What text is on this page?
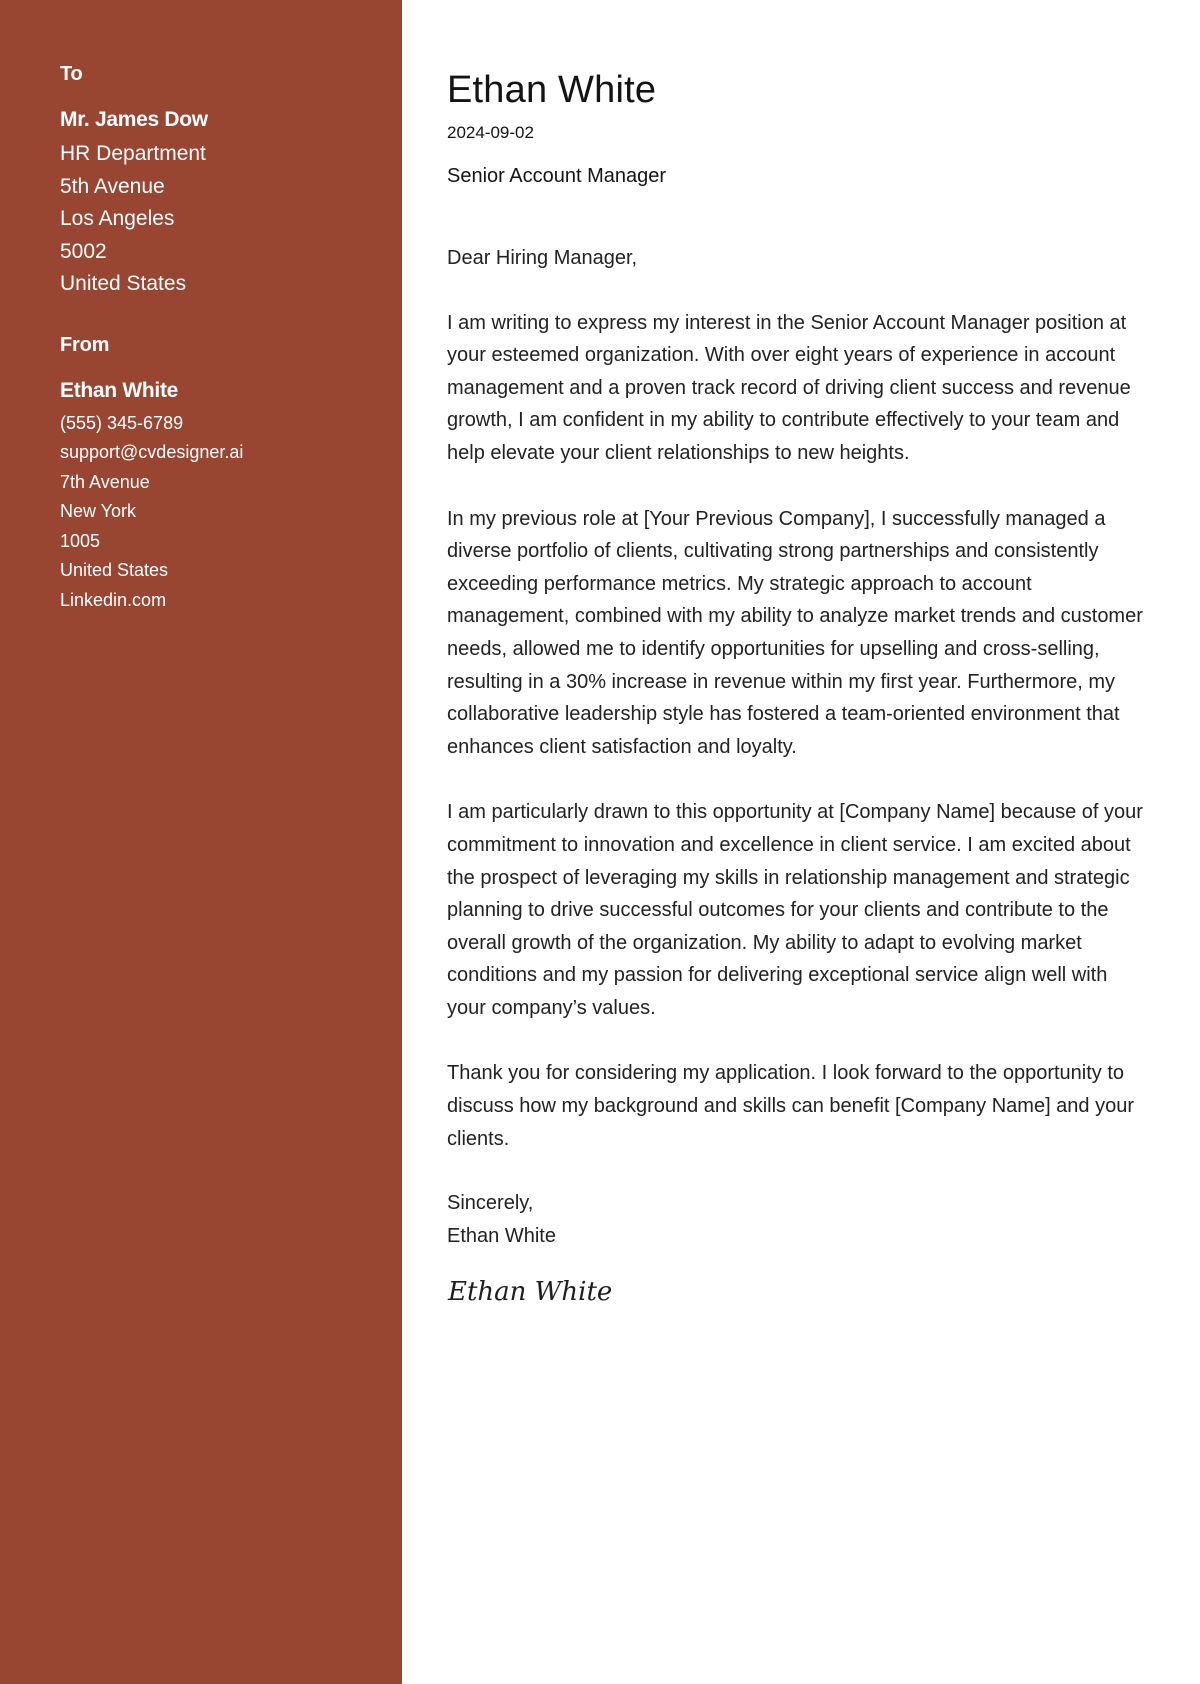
To
Mr. James Dow
HR Department
5th Avenue
Los Angeles
5002
United States
From
Ethan White
(555) 345-6789
support@cvdesigner.ai
7th Avenue
New York
1005
United States
Linkedin.com
Ethan White
2024-09-02
Senior Account Manager
Dear Hiring Manager,

I am writing to express my interest in the Senior Account Manager position at your esteemed organization. With over eight years of experience in account management and a proven track record of driving client success and revenue growth, I am confident in my ability to contribute effectively to your team and help elevate your client relationships to new heights.

In my previous role at [Your Previous Company], I successfully managed a diverse portfolio of clients, cultivating strong partnerships and consistently exceeding performance metrics. My strategic approach to account management, combined with my ability to analyze market trends and customer needs, allowed me to identify opportunities for upselling and cross-selling, resulting in a 30% increase in revenue within my first year. Furthermore, my collaborative leadership style has fostered a team-oriented environment that enhances client satisfaction and loyalty.

I am particularly drawn to this opportunity at [Company Name] because of your commitment to innovation and excellence in client service. I am excited about the prospect of leveraging my skills in relationship management and strategic planning to drive successful outcomes for your clients and contribute to the overall growth of the organization. My ability to adapt to evolving market conditions and my passion for delivering exceptional service align well with your company’s values.

Thank you for considering my application. I look forward to the opportunity to discuss how my background and skills can benefit [Company Name] and your clients.

Sincerely,
Ethan White
Ethan White
